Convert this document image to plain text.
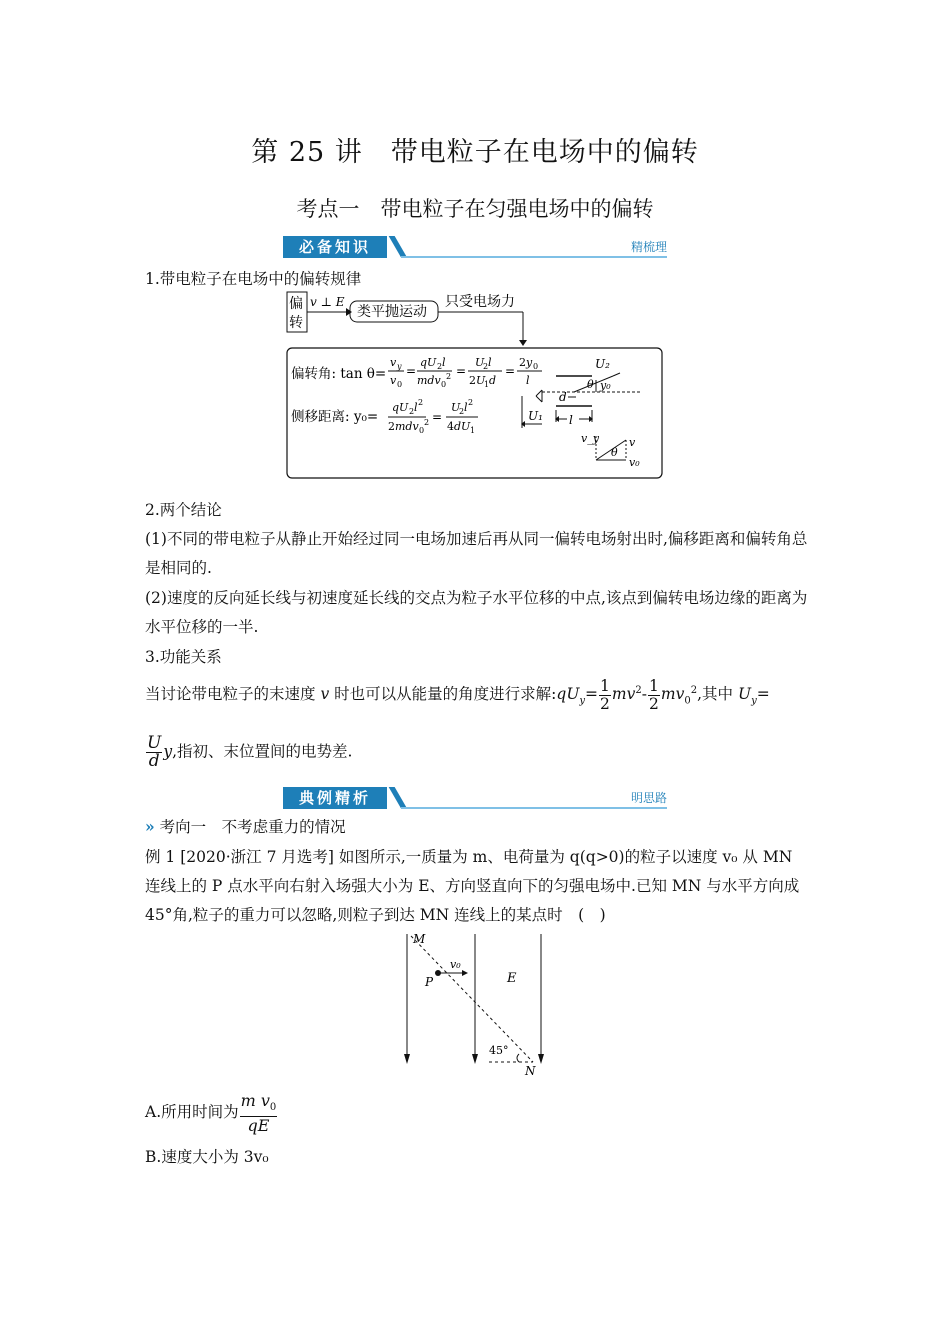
第 25 讲　带电粒子在电场中的偏转
考点一　带电粒子在匀强电场中的偏转
必备知识	精梳理
1.带电粒子在电场中的偏转规律
偏
转
v ⊥ E
类平抛运动
只受电场力
偏转角: tan θ=
v y
v 0
=
qU 2 l
mdv 0
2 =
U
2 l
2 U
1 d
=
2 y 0
l
侧移距离: y₀=
qU 2 l 2
2 mdv 0
2 =
U
2 l 2
4 dU 1
U₁
U₂
θ y₀
d
l
v_y
θ
v
v₀
2.两个结论
(1)不同的带电粒子从静止开始经过同一电场加速后再从同一偏转电场射出时,偏移距离和偏转角总是相同的.
(2)速度的反向延长线与初速度延长线的交点为粒子水平位移的中点,该点到偏转电场边缘的距离为水平位移的一半.
3.功能关系
当讨论带电粒子的末速度 v 时也可以从能量的角度进行求解$:qU_y= \frac{1}{2} mv^2- \frac{1}{2} mv_0^2$,其中 $U_y=$
$\frac{U}{d} y$,指初、末位置间的电势差.
典例精析	明思路
» 考向一　不考虑重力的情况
例 1 [2020·浙江 7 月选考] 如图所示,一质量为 m、电荷量为 q(q>0)的粒子以速度 v₀ 从 MN 连线上的 P 点水平向右射入场强大小为 E、方向竖直向下的匀强电场中.已知 MN 与水平方向成 45°角,粒子的重力可以忽略,则粒子到达 MN 连线上的某点时　(　)
M
P
v₀
E
45°
N
A.所用时间为 $\frac{m v_0}{qE}$
B.速度大小为 3v₀
